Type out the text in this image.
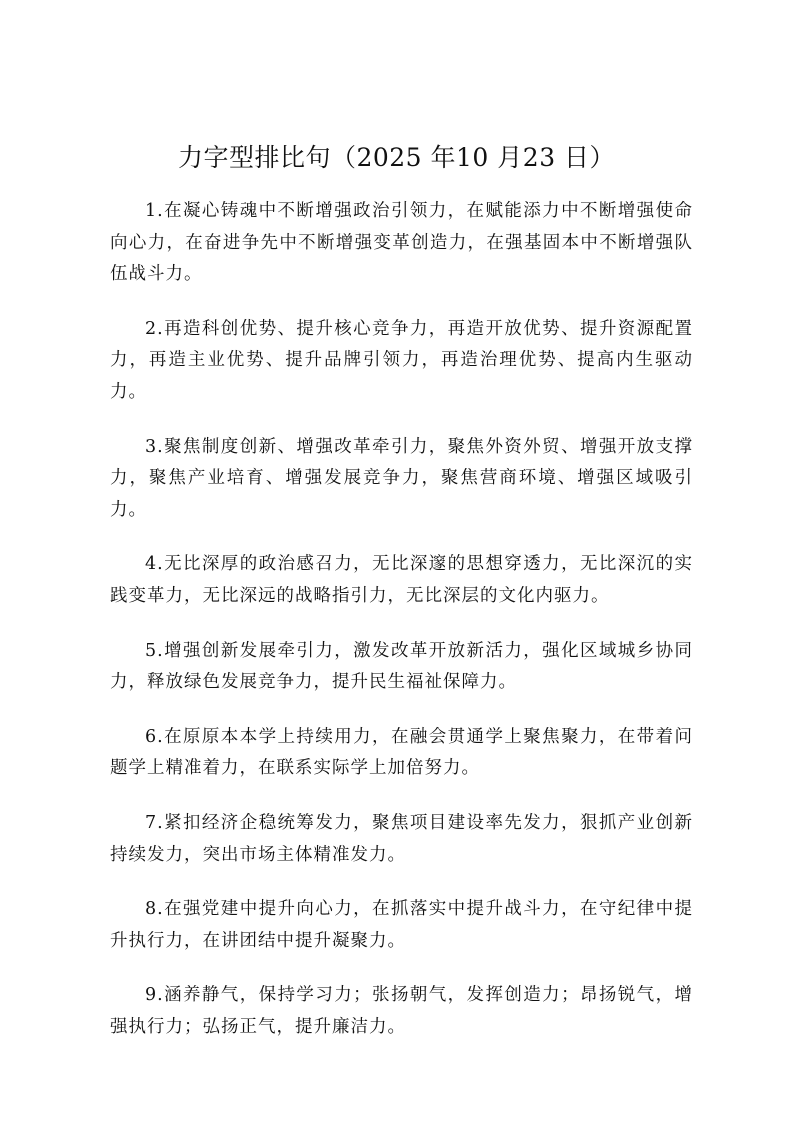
力字型排比句（2025 年10 月23 日）

1.在凝心铸魂中不断增强政治引领力，在赋能添力中不断增强使命向心力，在奋进争先中不断增强变革创造力，在强基固本中不断增强队伍战斗力。

2.再造科创优势、提升核心竞争力，再造开放优势、提升资源配置力，再造主业优势、提升品牌引领力，再造治理优势、提高内生驱动力。

3.聚焦制度创新、增强改革牵引力，聚焦外资外贸、增强开放支撑力，聚焦产业培育、增强发展竞争力，聚焦营商环境、增强区域吸引力。

4.无比深厚的政治感召力，无比深邃的思想穿透力，无比深沉的实践变革力，无比深远的战略指引力，无比深层的文化内驱力。

5.增强创新发展牵引力，激发改革开放新活力，强化区域城乡协同力，释放绿色发展竞争力，提升民生福祉保障力。

6.在原原本本学上持续用力，在融会贯通学上聚焦聚力，在带着问题学上精准着力，在联系实际学上加倍努力。

7.紧扣经济企稳统筹发力，聚焦项目建设率先发力，狠抓产业创新持续发力，突出市场主体精准发力。

8.在强党建中提升向心力，在抓落实中提升战斗力，在守纪律中提升执行力，在讲团结中提升凝聚力。

9.涵养静气，保持学习力；张扬朝气，发挥创造力；昂扬锐气，增强执行力；弘扬正气，提升廉洁力。
